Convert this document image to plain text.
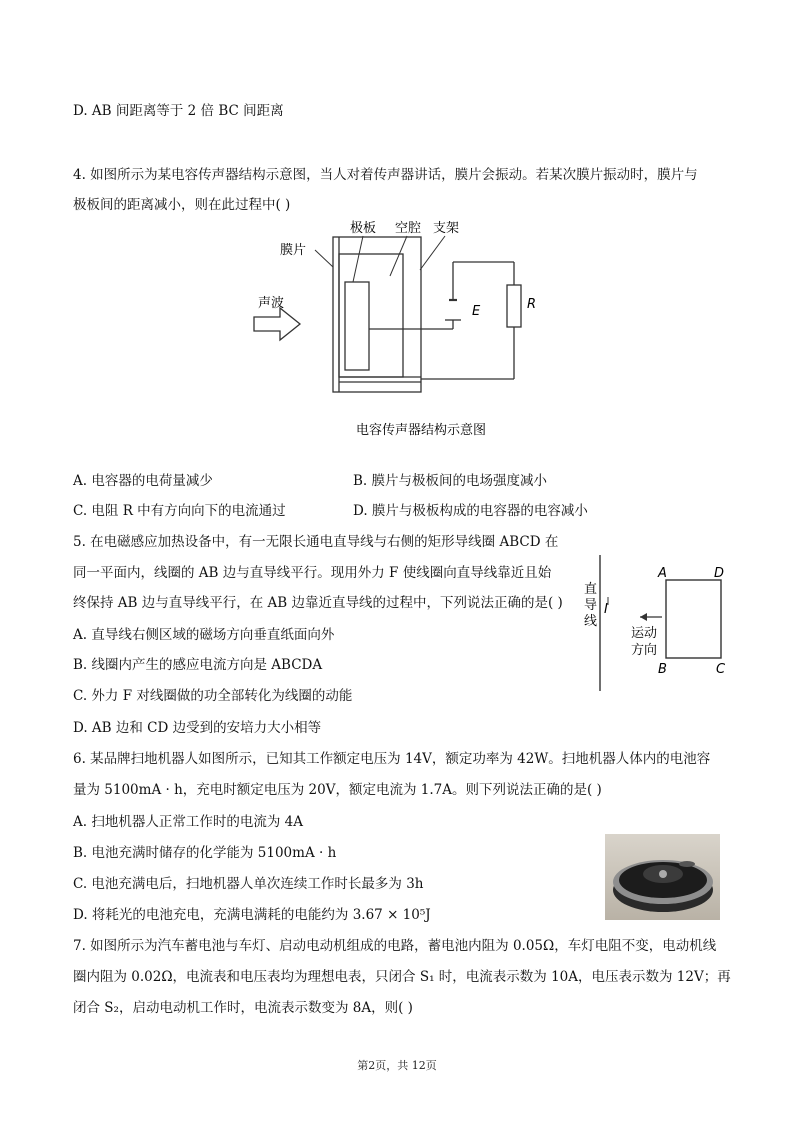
D. AB 间距离等于 2 倍 BC 间距离
4. 如图所示为某电容传声器结构示意图，当人对着传声器讲话，膜片会振动。若某次膜片振动时，膜片与
极板间的距离减小，则在此过程中( )
极板 空腔 支架
膜片
声波
E	R
电容传声器结构示意图
A. 电容器的电荷量减少	B. 膜片与极板间的电场强度减小
C. 电阻 R 中有方向向下的电流通过	D. 膜片与极板构成的电容器的电容减小
5. 在电磁感应加热设备中，有一无限长通电直导线与右侧的矩形导线圈 ABCD 在
同一平面内，线圈的 AB 边与直导线平行。现用外力 F 使线圈向直导线靠近且始
终保持 AB 边与直导线平行，在 AB 边靠近直导线的过程中，下列说法正确的是( )
A. 直导线右侧区域的磁场方向垂直纸面向外
B. 线圈内产生的感应电流方向是 ABCDA
C. 外力 F 对线圈做的功全部转化为线圈的动能
D. AB 边和 CD 边受到的安培力大小相等
直
导
线
I
A	D
B	C
运动
方向
6. 某品牌扫地机器人如图所示，已知其工作额定电压为 14V，额定功率为 42W。扫地机器人体内的电池容
量为 5100mA · h，充电时额定电压为 20V，额定电流为 1.7A。则下列说法正确的是( )
A. 扫地机器人正常工作时的电流为 4A
B. 电池充满时储存的化学能为 5100mA · h
C. 电池充满电后，扫地机器人单次连续工作时长最多为 3h
D. 将耗光的电池充电，充满电满耗的电能约为 3.67 × 10⁵J
7. 如图所示为汽车蓄电池与车灯、启动电动机组成的电路，蓄电池内阻为 0.05Ω，车灯电阻不变，电动机线
圈内阻为 0.02Ω，电流表和电压表均为理想电表，只闭合 S₁ 时，电流表示数为 10A，电压表示数为 12V；再
闭合 S₂，启动电动机工作时，电流表示数变为 8A，则( )
第2页，共 12页
